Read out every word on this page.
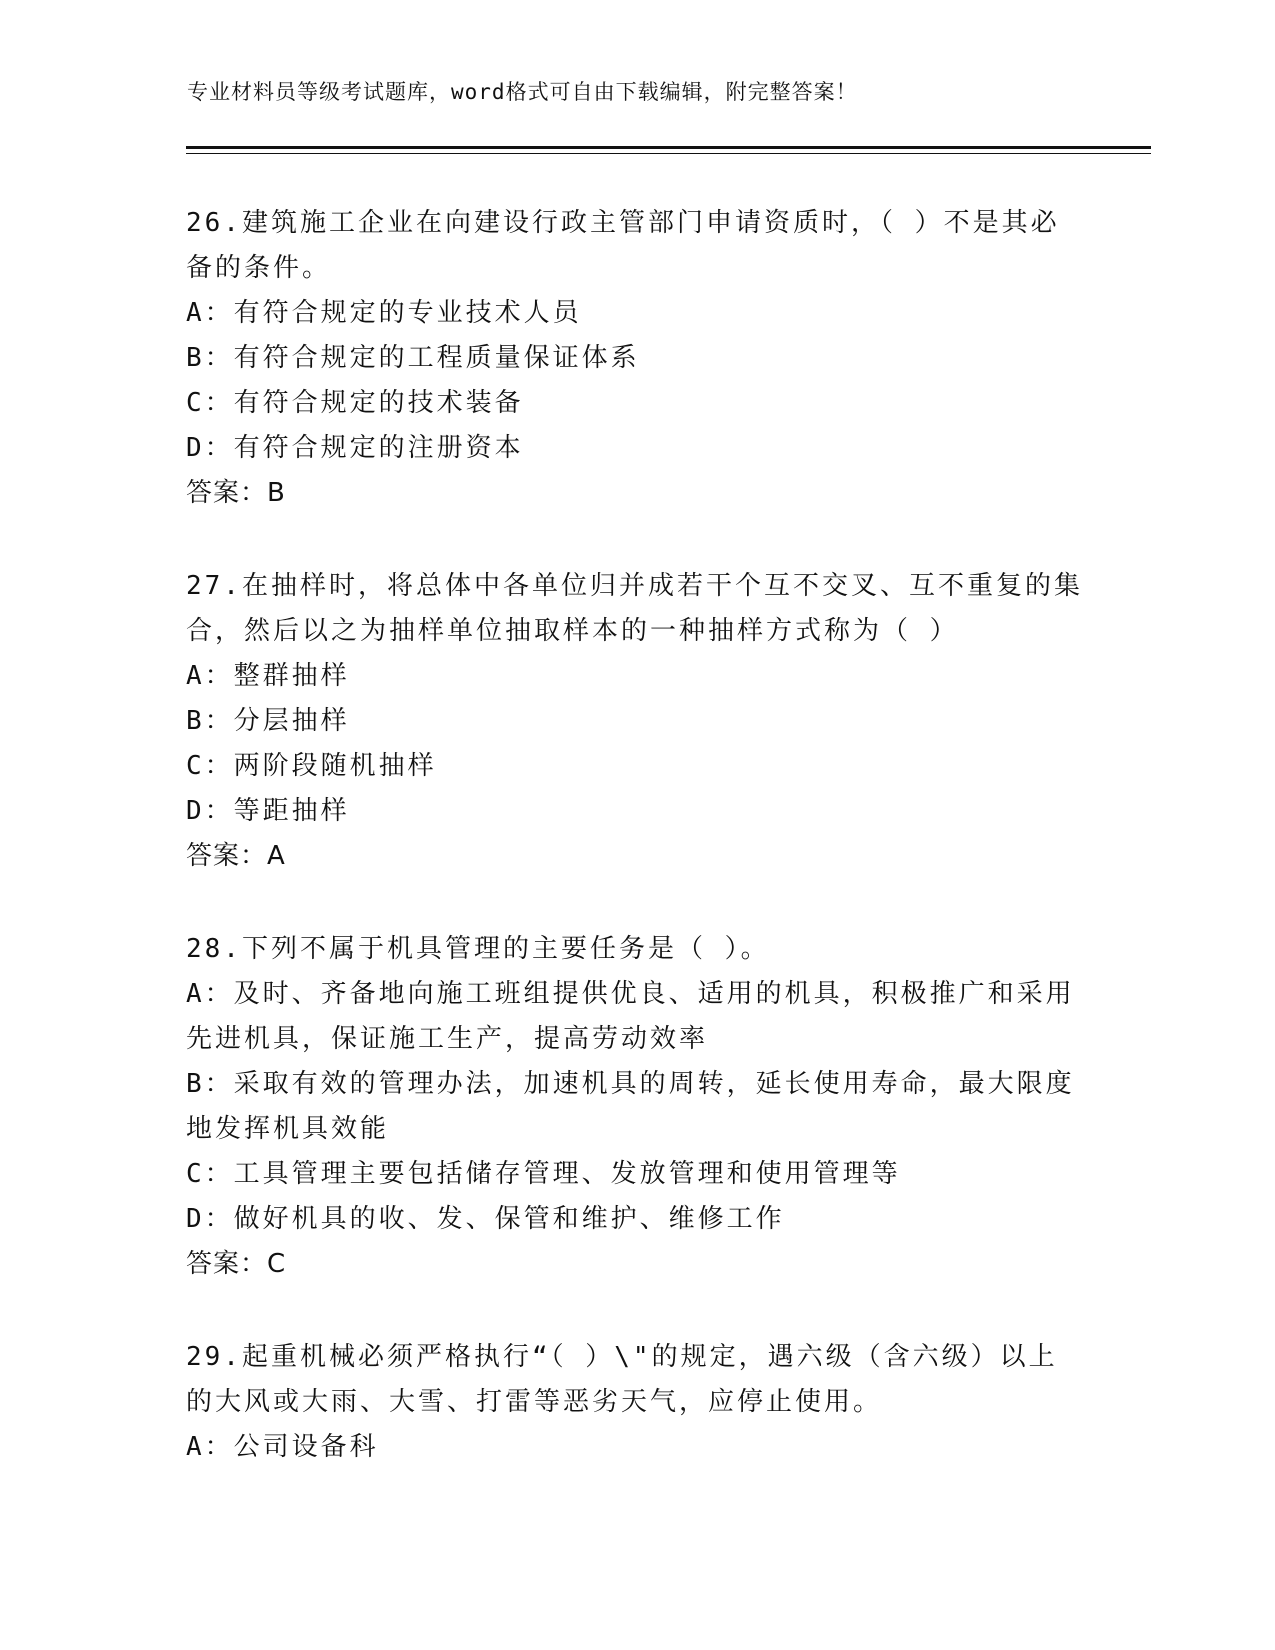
专业材料员等级考试题库，word格式可自由下载编辑，附完整答案！

26.建筑施工企业在向建设行政主管部门申请资质时，（ ）不是其必备的条件。

A：有符合规定的专业技术人员

B：有符合规定的工程质量保证体系

C：有符合规定的技术装备

D：有符合规定的注册资本

答案：B

27.在抽样时，将总体中各单位归并成若干个互不交叉、互不重复的集合，然后以之为抽样单位抽取样本的一种抽样方式称为（ ）

A：整群抽样

B：分层抽样

C：两阶段随机抽样

D：等距抽样

答案：A

28.下列不属于机具管理的主要任务是（ ）。

A：及时、齐备地向施工班组提供优良、适用的机具，积极推广和采用先进机具，保证施工生产，提高劳动效率

B：采取有效的管理办法，加速机具的周转，延长使用寿命，最大限度地发挥机具效能

C：工具管理主要包括储存管理、发放管理和使用管理等

D：做好机具的收、发、保管和维护、维修工作

答案：C

29.起重机械必须严格执行“（ ）\"的规定，遇六级（含六级）以上的大风或大雨、大雪、打雷等恶劣天气，应停止使用。

A：公司设备科
